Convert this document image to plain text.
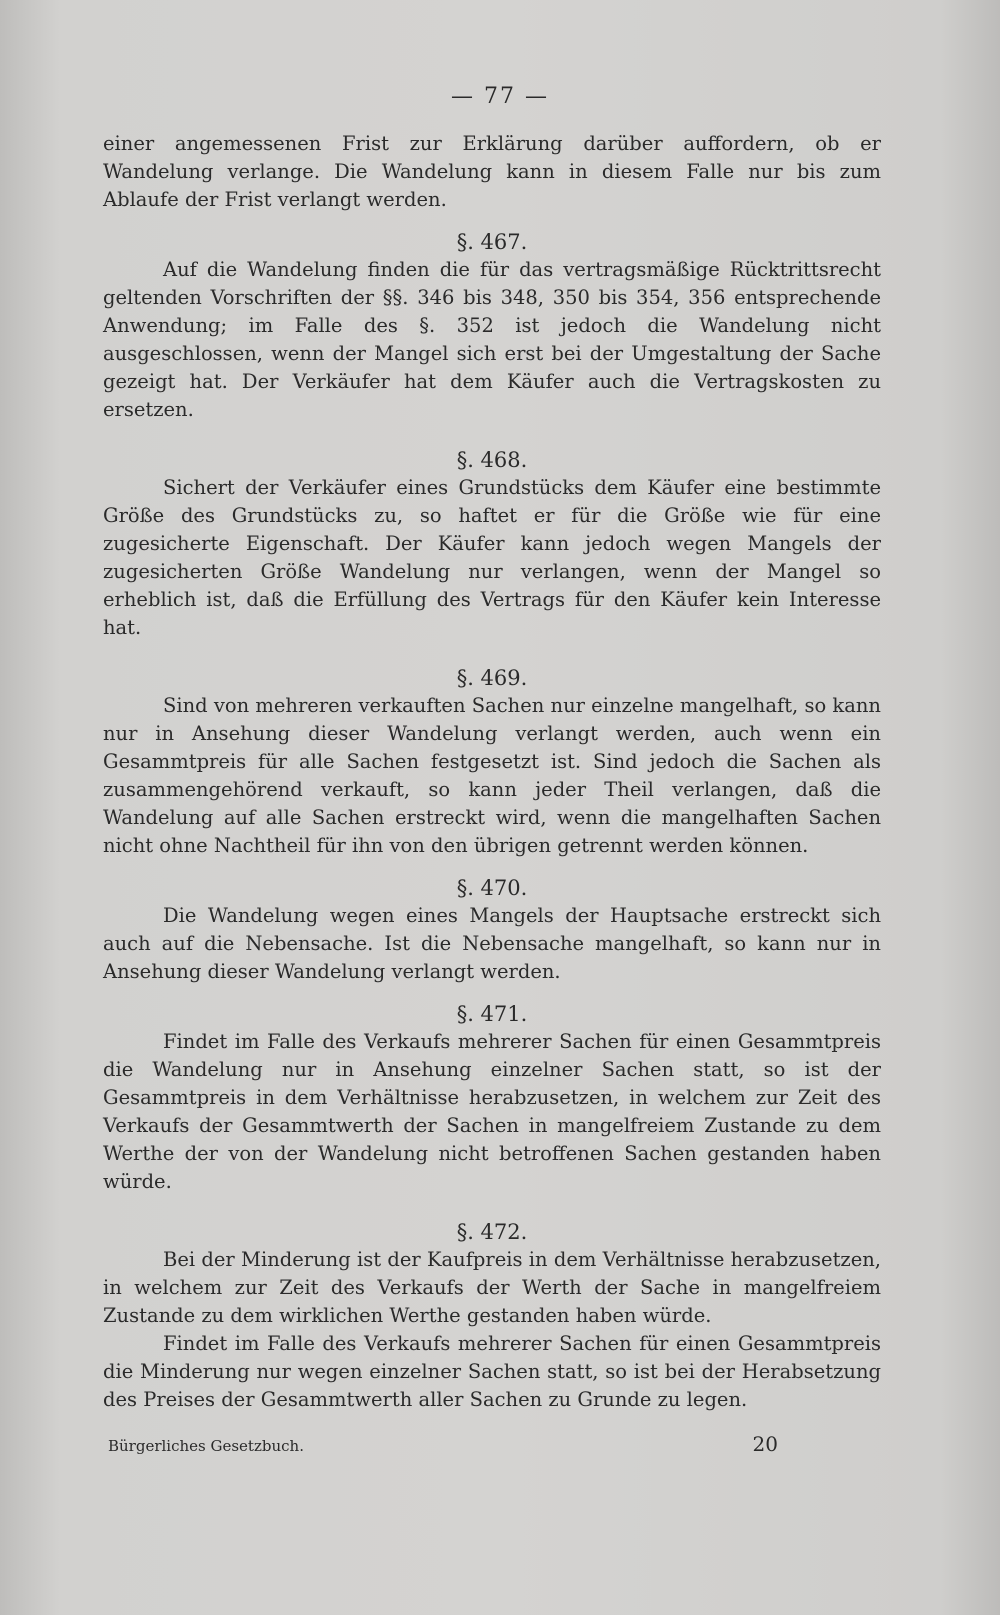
— 77 —

einer angemessenen Frist zur Erklärung darüber auffordern, ob er Wandelung verlange. Die Wandelung kann in diesem Falle nur bis zum Ablaufe der Frist verlangt werden.

§. 467.

Auf die Wandelung finden die für das vertragsmäßige Rücktrittsrecht geltenden Vorschriften der §§. 346 bis 348, 350 bis 354, 356 entsprechende Anwendung; im Falle des §. 352 ist jedoch die Wandelung nicht ausgeschlossen, wenn der Mangel sich erst bei der Umgestaltung der Sache gezeigt hat. Der Verkäufer hat dem Käufer auch die Vertragskosten zu ersetzen.

§. 468.

Sichert der Verkäufer eines Grundstücks dem Käufer eine bestimmte Größe des Grundstücks zu, so haftet er für die Größe wie für eine zugesicherte Eigenschaft. Der Käufer kann jedoch wegen Mangels der zugesicherten Größe Wandelung nur verlangen, wenn der Mangel so erheblich ist, daß die Erfüllung des Vertrags für den Käufer kein Interesse hat.

§. 469.

Sind von mehreren verkauften Sachen nur einzelne mangelhaft, so kann nur in Ansehung dieser Wandelung verlangt werden, auch wenn ein Gesammtpreis für alle Sachen festgesetzt ist. Sind jedoch die Sachen als zusammengehörend verkauft, so kann jeder Theil verlangen, daß die Wandelung auf alle Sachen erstreckt wird, wenn die mangelhaften Sachen nicht ohne Nachtheil für ihn von den übrigen getrennt werden können.

§. 470.

Die Wandelung wegen eines Mangels der Hauptsache erstreckt sich auch auf die Nebensache. Ist die Nebensache mangelhaft, so kann nur in Ansehung dieser Wandelung verlangt werden.

§. 471.

Findet im Falle des Verkaufs mehrerer Sachen für einen Gesammtpreis die Wandelung nur in Ansehung einzelner Sachen statt, so ist der Gesammtpreis in dem Verhältnisse herabzusetzen, in welchem zur Zeit des Verkaufs der Gesammtwerth der Sachen in mangelfreiem Zustande zu dem Werthe der von der Wandelung nicht betroffenen Sachen gestanden haben würde.

§. 472.

Bei der Minderung ist der Kaufpreis in dem Verhältnisse herabzusetzen, in welchem zur Zeit des Verkaufs der Werth der Sache in mangelfreiem Zustande zu dem wirklichen Werthe gestanden haben würde.

Findet im Falle des Verkaufs mehrerer Sachen für einen Gesammtpreis die Minderung nur wegen einzelner Sachen statt, so ist bei der Herabsetzung des Preises der Gesammtwerth aller Sachen zu Grunde zu legen.

Bürgerliches Gesetzbuch.	20
